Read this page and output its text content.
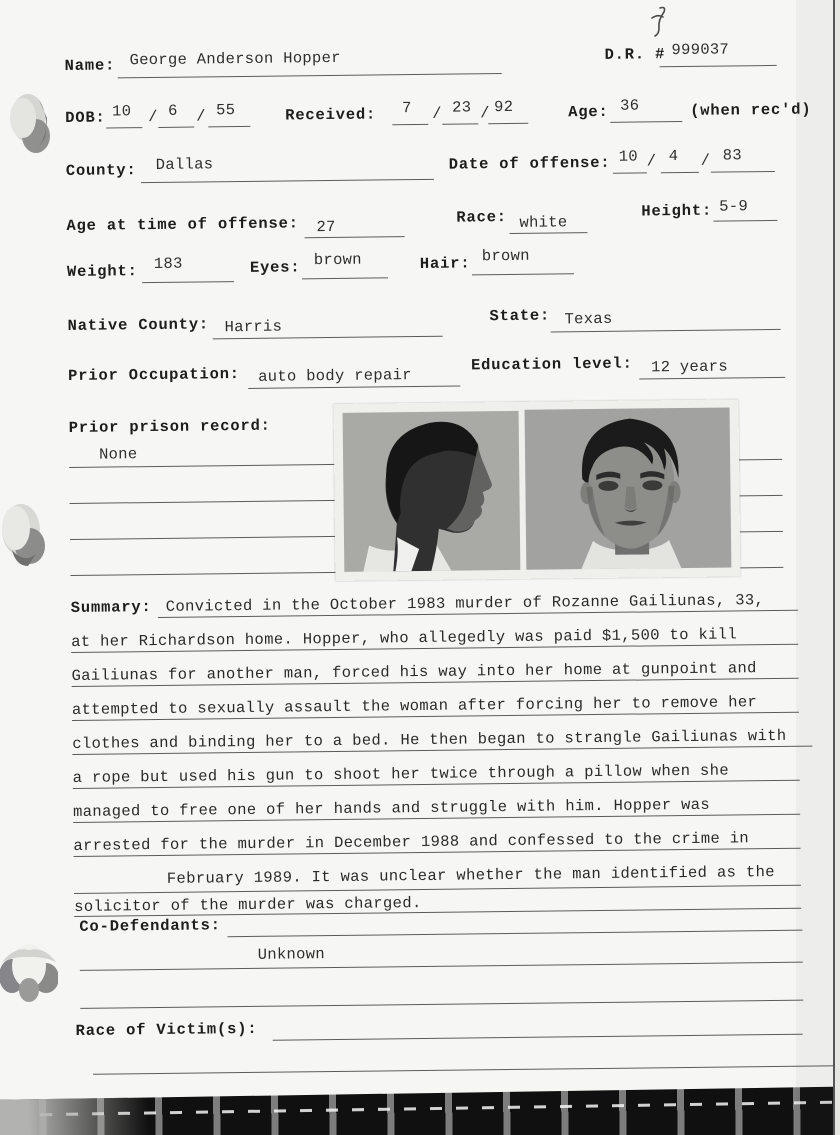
Name: George Anderson Hopper	D.R. # 999037
DOB: 10 / 6 / 55	Received: 7 / 23 / 92	Age: 36	(when rec'd)
County: Dallas	Date of offense: 10 / 4 / 83
Age at time of offense: 27
Race: white
Height: 5-9
Weight: 183	Eyes: brown	Hair: brown
Native County: Harris
State: Texas
Prior Occupation: auto body repair
Education level: 12 years
Prior prison record:
None
Summary: Convicted in the October 1983 murder of Rozanne Gailiunas, 33,
at her Richardson home. Hopper, who allegedly was paid $1,500 to kill
Gailiunas for another man, forced his way into her home at gunpoint and
attempted to sexually assault the woman after forcing her to remove her
clothes and binding her to a bed. He then began to strangle Gailiunas with
a rope but used his gun to shoot her twice through a pillow when she
managed to free one of her hands and struggle with him. Hopper was
arrested for the murder in December 1988 and confessed to the crime in
February 1989. It was unclear whether the man identified as the
solicitor of the murder was charged.
Co-Defendants:
Unknown
Race of Victim(s):
